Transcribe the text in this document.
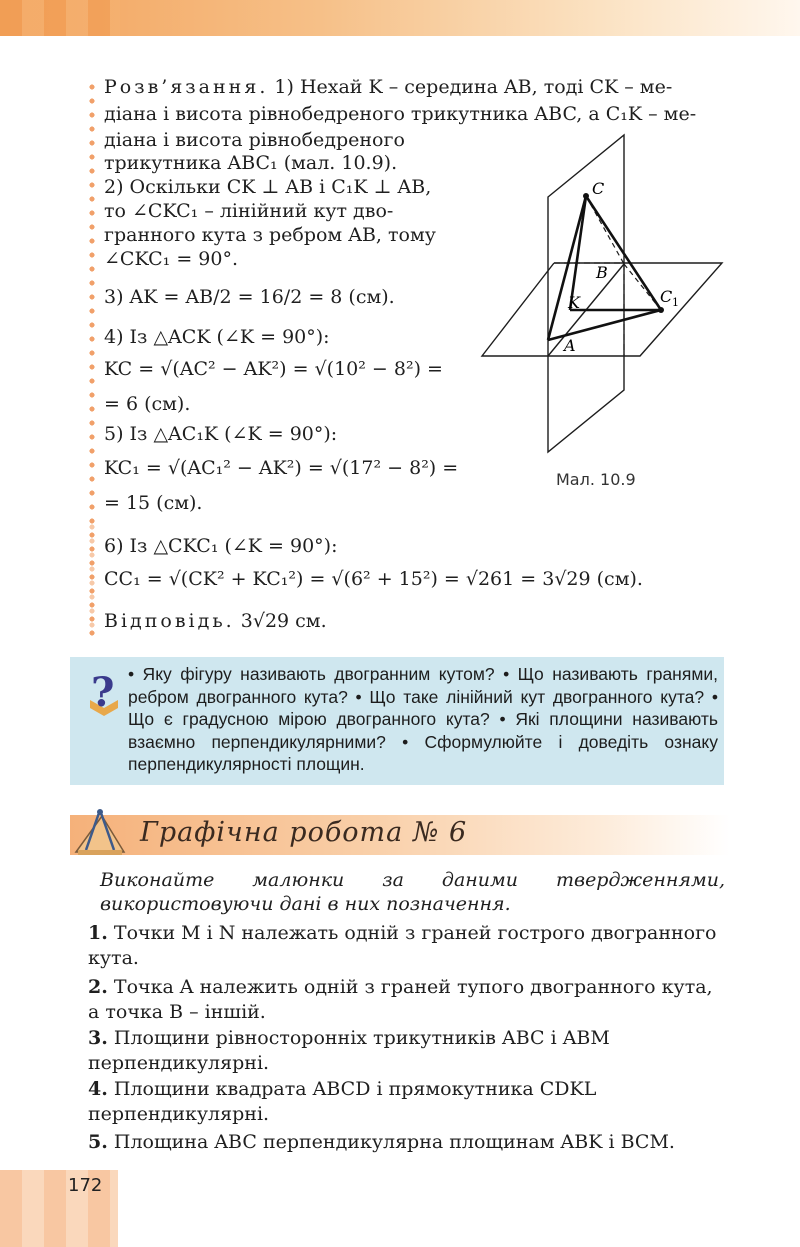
Розв’язання. 1) Нехай K – середина AB, тоді CK – ме-
діана і висота рівнобедреного трикутника ABC, а C₁K – ме-
діана і висота рівнобедреного
трикутника ABC₁ (мал. 10.9).
2) Оскільки CK ⊥ AB і C₁K ⊥ AB,
то ∠CKC₁ – лінійний кут дво-
гранного кута з ребром AB, тому
∠CKC₁ = 90°.
3) AK = AB/2 = 16/2 = 8 (см).
4) Із △ACK (∠K = 90°):
KC = √(AC² − AK²) = √(10² − 8²) =
= 6 (см).
5) Із △AC₁K (∠K = 90°):
KC₁ = √(AC₁² − AK²) = √(17² − 8²) =
= 15 (см).
6) Із △CKC₁ (∠K = 90°):
CC₁ = √(CK² + KC₁²) = √(6² + 15²) = √261 = 3√29 (см).
Відповідь. 3√29 см.
C
B
K	C 1
A
Мал. 10.9
? • Яку фігуру називають двогранним кутом? • Що називають гранями, ребром двогранного кута? • Що таке лінійний кут двогранного кута? • Що є градусною мірою двогранного кута? • Які площини називають взаємно перпендикулярними? • Сформулюйте і доведіть ознаку перпендикулярності площин.
Графічна робота № 6
Виконайте малюнки за даними твердженнями, використовуючи дані в них позначення.
1. Точки M і N належать одній з граней гострого двогранного кута.
2. Точка A належить одній з граней тупого двогранного кута, а точка B – іншій.
3. Площини рівносторонніх трикутників ABC і ABM перпендикулярні.
4. Площини квадрата ABCD і прямокутника CDKL перпендикулярні.
5. Площина ABC перпендикулярна площинам ABK і BCM.
172
